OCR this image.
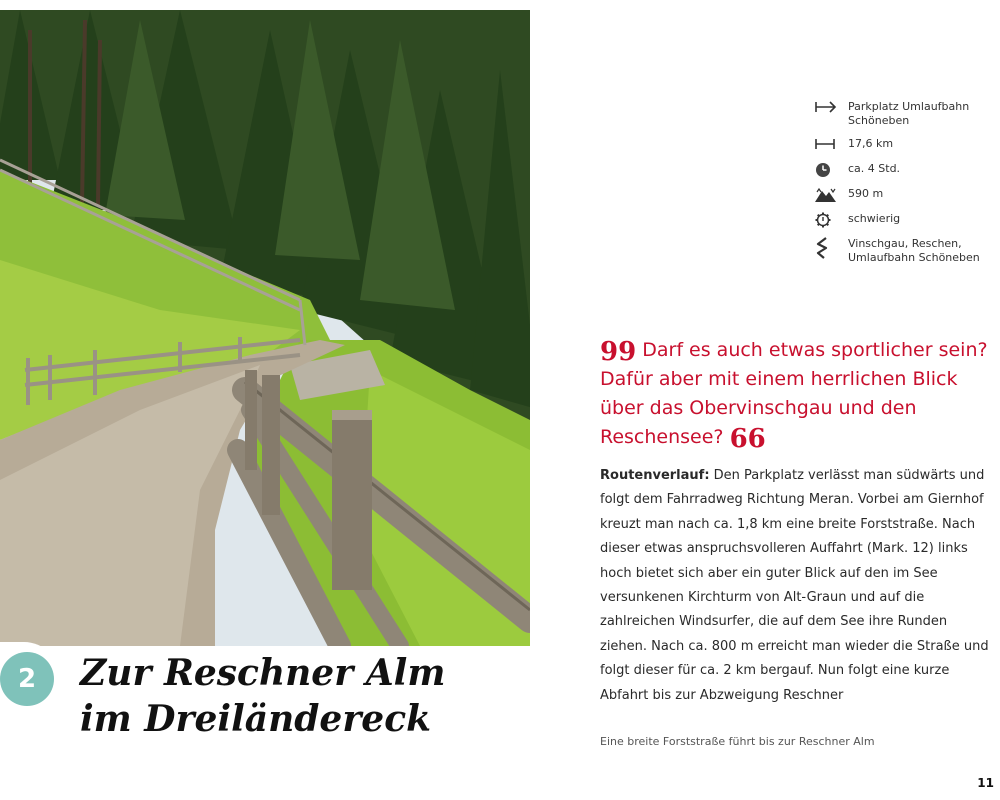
2	Zur Reschner Alm
im Dreiländereck
Parkplatz Umlaufbahn Schöneben
17,6 km
ca. 4 Std.
590 m
schwierig
Vinschgau, Reschen, Umlaufbahn Schöneben
99 Darf es auch etwas sportlicher sein? Dafür aber mit einem herrlichen Blick über das Obervinschgau und den Reschensee? 66
Routenverlauf: Den Parkplatz verlässt man südwärts und folgt dem Fahrradweg Richtung Meran. Vorbei am Giernhof kreuzt man nach ca. 1,8 km eine breite Forststraße. Nach dieser etwas anspruchsvolleren Auffahrt (Mark. 12) links hoch bietet sich aber ein guter Blick auf den im See versunkenen Kirchturm von Alt-Graun und auf die zahlreichen Windsurfer, die auf dem See ihre Runden ziehen. Nach ca. 800 m erreicht man wieder die Straße und folgt dieser für ca. 2 km bergauf. Nun folgt eine kurze Abfahrt bis zur Abzweigung Reschner
Eine breite Forststraße führt bis zur Reschner Alm
11
